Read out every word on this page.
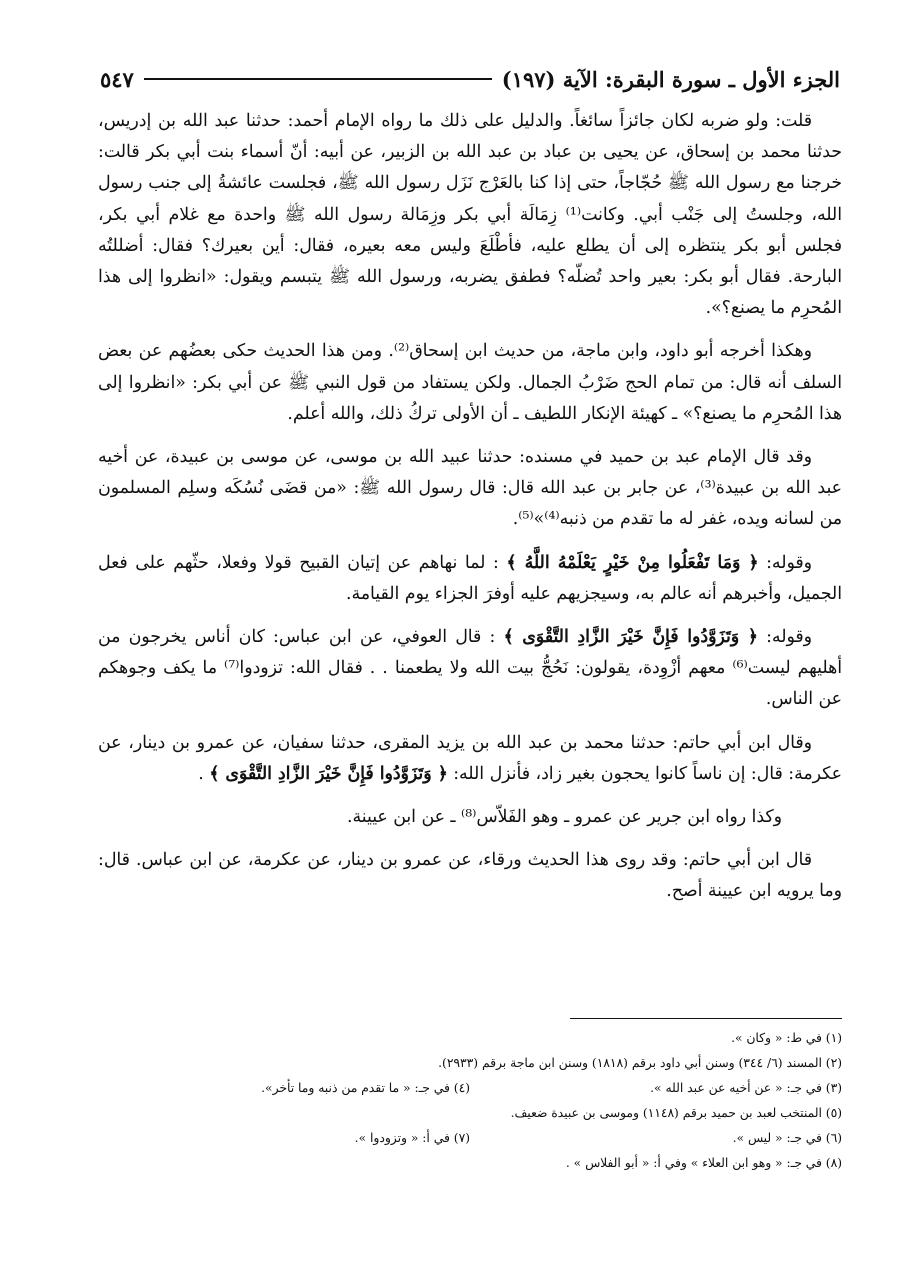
الجزء الأول ـ سورة البقرة: الآية (١٩٧)
٥٤٧

قلت: ولو ضربه لكان جائزاً سائغاً. والدليل على ذلك ما رواه الإمام أحمد: حدثنا عبد الله بن إدريس، حدثنا محمد بن إسحاق، عن يحيى بن عباد بن عبد الله بن الزبير، عن أبيه: أنّ أسماء بنت أبي بكر قالت: خرجنا مع رسول الله ﷺ حُجّاجاً، حتى إذا كنا بالعَرْج نَزَل رسول الله ﷺ، فجلست عائشةُ إلى جنب رسول الله، وجلستُ إلى جَنْب أبي. وكانت⁽¹⁾ زِمَالَة أبي بكر وزِمَالة رسول الله ﷺ واحدة مع غلام أبي بكر، فجلس أبو بكر ينتظره إلى أن يطلع عليه، فأطْلَعَ وليس معه بعيره، فقال: أين بعيرك؟ فقال: أضللتُه البارحة. فقال أبو بكر: بعير واحد تُضلّه؟ فطفق يضربه، ورسول الله ﷺ يتبسم ويقول: «انظروا إلى هذا المُحرِم ما يصنع؟».

وهكذا أخرجه أبو داود، وابن ماجة، من حديث ابن إسحاق⁽²⁾. ومن هذا الحديث حكى بعضُهم عن بعض السلف أنه قال: من تمام الحج ضَرْبُ الجمال. ولكن يستفاد من قول النبي ﷺ عن أبي بكر: «انظروا إلى هذا المُحرِم ما يصنع؟» ـ كهيئة الإنكار اللطيف ـ أن الأولى تركُ ذلك، والله أعلم.

وقد قال الإمام عبد بن حميد في مسنده: حدثنا عبيد الله بن موسى، عن موسى بن عبيدة، عن أخيه عبد الله بن عبيدة⁽³⁾، عن جابر بن عبد الله قال: قال رسول الله ﷺ: «من قضَى نُسُكَه وسلِم المسلمون من لسانه ويده، غفر له ما تقدم من ذنبه⁽⁴⁾»⁽⁵⁾.

وقوله: ﴿ وَمَا تَفْعَلُوا مِنْ خَيْرٍ يَعْلَمْهُ اللَّهُ ﴾ : لما نهاهم عن إتيان القبيح قولا وفعلا، حثّهم على فعل الجميل، وأخبرهم أنه عالم به، وسيجزيهم عليه أوفرَ الجزاء يوم القيامة.

وقوله: ﴿ وَتَزَوَّدُوا فَإِنَّ خَيْرَ الزَّادِ التَّقْوَى ﴾ : قال العوفي، عن ابن عباس: كان أناس يخرجون من أهليهم ليست⁽⁶⁾ معهم أزْوِدة، يقولون: نَحُجُّ بيت الله ولا يطعمنا . . فقال الله: تزودوا⁽⁷⁾ ما يكف وجوهكم عن الناس.

وقال ابن أبي حاتم: حدثنا محمد بن عبد الله بن يزيد المقرى، حدثنا سفيان، عن عمرو بن دينار، عن عكرمة: قال: إن ناساً كانوا يحجون بغير زاد، فأنزل الله: ﴿ وَتَزَوَّدُوا فَإِنَّ خَيْرَ الزَّادِ التَّقْوَى ﴾ .

وكذا رواه ابن جرير عن عمرو ـ وهو الفَلاّس⁽⁸⁾ ـ عن ابن عيينة.

قال ابن أبي حاتم: وقد روى هذا الحديث ورقاء، عن عمرو بن دينار، عن عكرمة، عن ابن عباس. قال: وما يرويه ابن عيينة أصح.

(١) في ط: « وكان ».
(٢) المسند (٦/ ٣٤٤) وسنن أبي داود برقم (١٨١٨) وسنن ابن ماجة برقم (٢٩٣٣).
(٣) في جـ: « عن أخيه عن عبد الله ».
(٤) في جـ: « ما تقدم من ذنبه وما تأخر».
(٥) المنتخب لعبد بن حميد برقم (١١٤٨) وموسى بن عبيدة ضعيف.
(٦) في جـ: « ليس ».
(٧) في أ: « وتزودوا ».
(٨) في جـ: « وهو ابن العلاء » وفي أ: « أبو الفلاس » .
